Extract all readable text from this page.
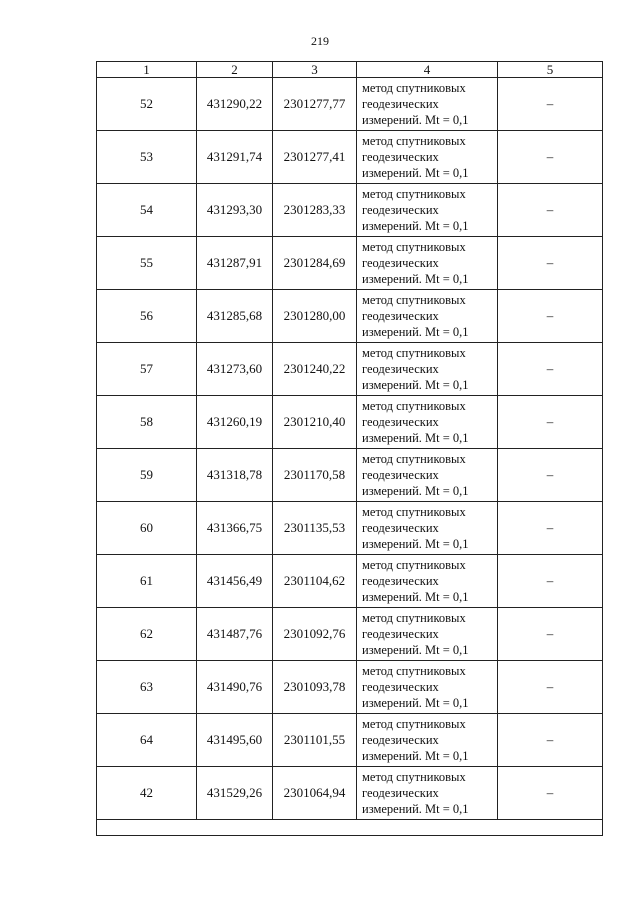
219
1	2	3	4	5
52	431290,22	2301277,77	метод спутниковых
геодезических
измерений. Mt = 0,1	–
53	431291,74	2301277,41	метод спутниковых
геодезических
измерений. Mt = 0,1	–
54	431293,30	2301283,33	метод спутниковых
геодезических
измерений. Mt = 0,1	–
55	431287,91	2301284,69	метод спутниковых
геодезических
измерений. Mt = 0,1	–
56	431285,68	2301280,00	метод спутниковых
геодезических
измерений. Mt = 0,1	–
57	431273,60	2301240,22	метод спутниковых
геодезических
измерений. Mt = 0,1	–
58	431260,19	2301210,40	метод спутниковых
геодезических
измерений. Mt = 0,1	–
59	431318,78	2301170,58	метод спутниковых
геодезических
измерений. Mt = 0,1	–
60	431366,75	2301135,53	метод спутниковых
геодезических
измерений. Mt = 0,1	–
61	431456,49	2301104,62	метод спутниковых
геодезических
измерений. Mt = 0,1	–
62	431487,76	2301092,76	метод спутниковых
геодезических
измерений. Mt = 0,1	–
63	431490,76	2301093,78	метод спутниковых
геодезических
измерений. Mt = 0,1	–
64	431495,60	2301101,55	метод спутниковых
геодезических
измерений. Mt = 0,1	–
42	431529,26	2301064,94	метод спутниковых
геодезических
измерений. Mt = 0,1	–
